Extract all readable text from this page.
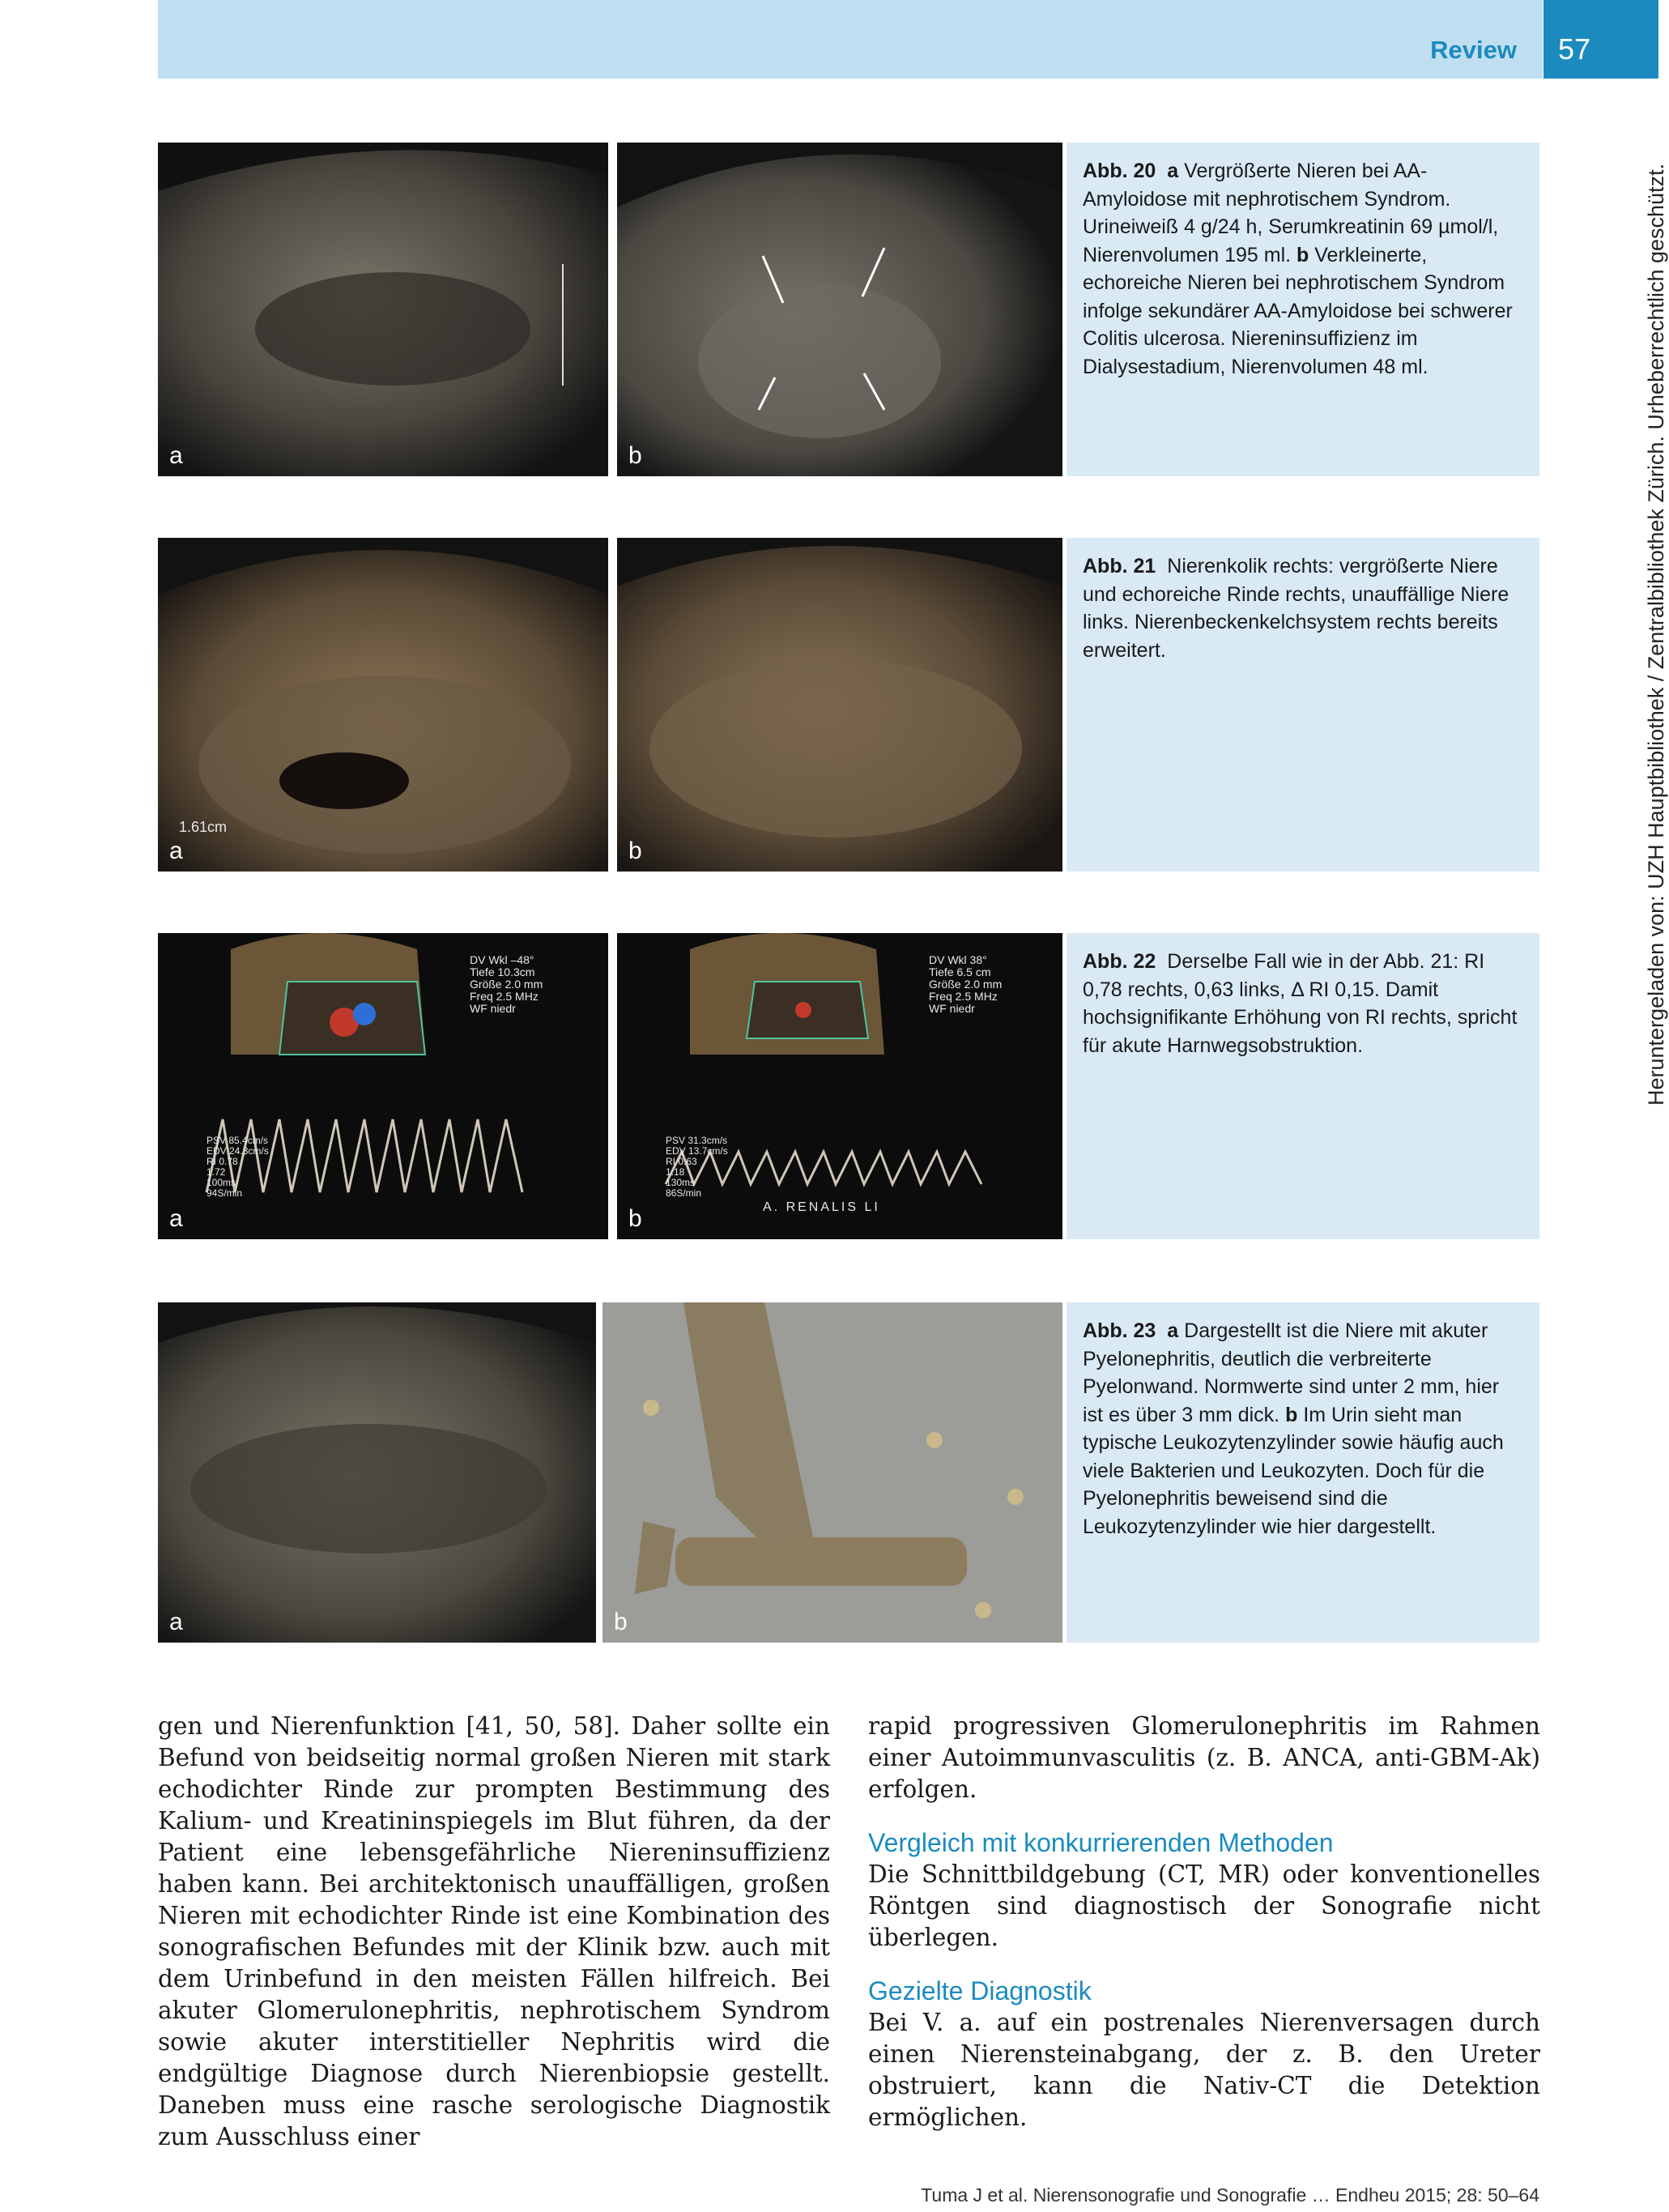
Review 57
a	b
Abb. 20 a Vergrößerte Nieren bei AA-Amyloidose mit nephrotischem Syndrom. Urineiweiß 4 g/24 h, Serumkreatinin 69 µmol/l, Nierenvolumen 195 ml. b Verkleinerte, echoreiche Nieren bei nephrotischem Syndrom infolge sekundärer AA-Amyloidose bei schwerer Colitis ulcerosa. Niereninsuffizienz im Dialysestadium, Nierenvolumen 48 ml.
1.61cm
a	b
Abb. 21 Nierenkolik rechts: vergrößerte Niere und echoreiche Rinde rechts, unauffällige Niere links. Nierenbeckenkelchsystem rechts bereits erweitert.
DV Wkl –48°
Tiefe 10.3cm
Größe 2.0 mm
Freq 2.5 MHz
WF niedr
PSV 85.4cm/s
EDV 24.3cm/s
RI 0.78
1.72
100ms
94S/min
a
DV Wkl 38°
Tiefe 6.5 cm
Größe 2.0 mm
Freq 2.5 MHz
WF niedr
PSV 31.3cm/s
EDV 13.7cm/s
RI 0.63
1.18
130ms
86S/min
A. RENALIS LI
b
Abb. 22 Derselbe Fall wie in der Abb. 21: RI 0,78 rechts, 0,63 links, Δ RI 0,15. Damit hochsignifikante Erhöhung von RI rechts, spricht für akute Harnwegsobstruktion.
a	b
Abb. 23 a Dargestellt ist die Niere mit akuter Pyelonephritis, deutlich die verbreiterte Pyelonwand. Normwerte sind unter 2 mm, hier ist es über 3 mm dick. b Im Urin sieht man typische Leukozytenzylinder sowie häufig auch viele Bakterien und Leukozyten. Doch für die Pyelonephritis beweisend sind die Leukozytenzylinder wie hier dargestellt.

gen und Nierenfunktion [41, 50, 58]. Daher sollte ein Befund von beidseitig normal großen Nieren mit stark echodichter Rinde zur prompten Bestimmung des Kalium- und Kreatininspiegels im Blut führen, da der Patient eine lebensgefährliche Niereninsuffizienz haben kann. Bei architektonisch unauffälligen, großen Nieren mit echodichter Rinde ist eine Kombination des sonografischen Befundes mit der Klinik bzw. auch mit dem Urinbefund in den meisten Fällen hilfreich. Bei akuter Glomerulonephritis, nephrotischem Syndrom sowie akuter interstitieller Nephritis wird die endgültige Diagnose durch Nierenbiopsie gestellt. Daneben muss eine rasche serologische Diagnostik zum Ausschluss einer

rapid progressiven Glomerulonephritis im Rahmen einer Autoimmunvasculitis (z. B. ANCA, anti-GBM-Ak) erfolgen.

Vergleich mit konkurrierenden Methoden

Die Schnittbildgebung (CT, MR) oder konventionelles Röntgen sind diagnostisch der Sonografie nicht überlegen.

Gezielte Diagnostik

Bei V. a. auf ein postrenales Nierenversagen durch einen Nierensteinabgang, der z. B. den Ureter obstruiert, kann die Nativ-CT die Detektion ermöglichen.

Tuma J et al. Nierensonografie und Sonografie … Endheu 2015; 28: 50–64
Heruntergeladen von: UZH Hauptbibliothek / Zentralbibliothek Zürich. Urheberrechtlich geschützt.
